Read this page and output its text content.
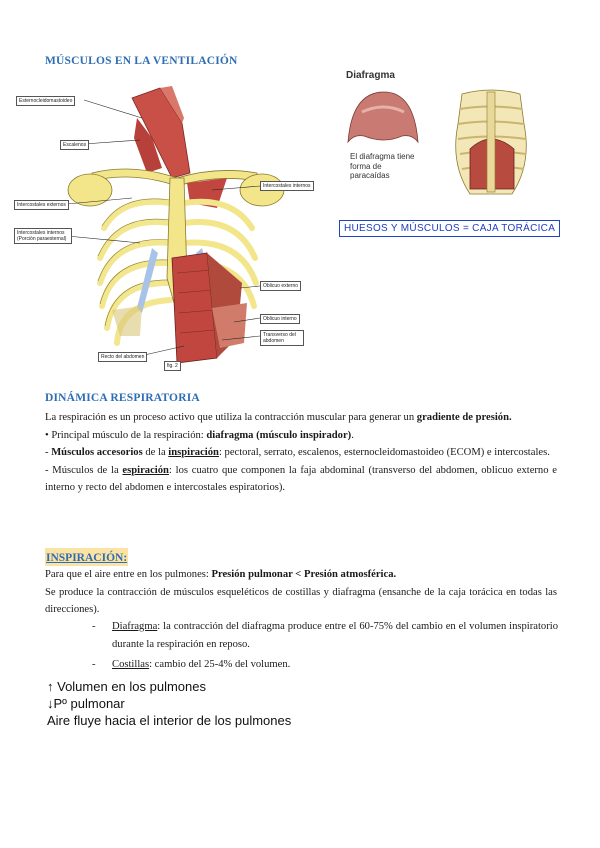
MÚSCULOS EN LA VENTILACIÓN
Esternocleidomastoideo
Escalenos
Intercostales externos
Intercostales internos (Porción paraesternal)
Intercostales internos
Oblicuo externo
Oblicuo interno
Transverso del abdomen
Recto del abdomen
fig. 2
Diafragma
El diafragma tiene forma de paracaídas
HUESOS Y MÚSCULOS = CAJA TORÁCICA
DINÁMICA RESPIRATORIA
La respiración es un proceso activo que utiliza la contracción muscular para generar un gradiente de presión.
• Principal músculo de la respiración: diafragma (músculo inspirador).
- Músculos accesorios de la inspiración: pectoral, serrato, escalenos, esternocleidomastoideo (ECOM) e intercostales.
- Músculos de la espiración: los cuatro que componen la faja abdominal (transverso del abdomen, oblicuo externo e interno y recto del abdomen e intercostales espiratorios).
INSPIRACIÓN:
Para que el aire entre en los pulmones: Presión pulmonar < Presión atmosférica.
Se produce la contracción de músculos esqueléticos de costillas y diafragma (ensanche de la caja torácica en todas las direcciones).
- Diafragma: la contracción del diafragma produce entre el 60-75% del cambio en el volumen inspiratorio durante la respiración en reposo.
- Costillas: cambio del 25-4% del volumen.
↑ Volumen en los pulmones
↓Pº pulmonar
Aire fluye hacia el interior de los pulmones
